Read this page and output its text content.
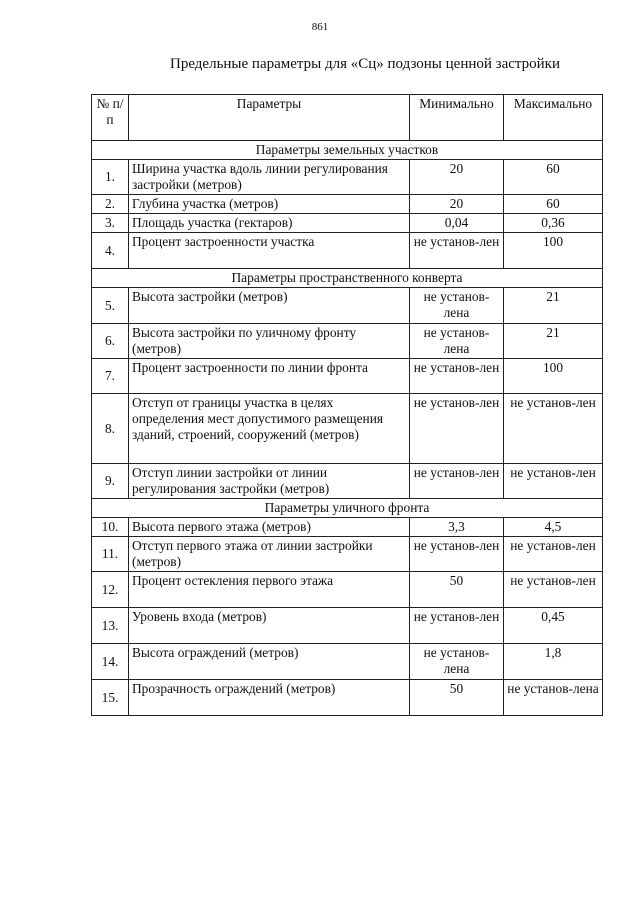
861
Предельные параметры для «Сц» подзоны ценной застройки
№ п/п	Параметры	Минимально	Максимально
Параметры земельных участков			
1.	Ширина участка вдоль линии регулирования застройки (метров)	20	60
2.	Глубина участка (метров)	20	60
3.	Площадь участка (гектаров)	0,04	0,36
4.	Процент застроенности участка	не установ-лен	100
Параметры пространственного конверта			
5.	Высота застройки (метров)	не установ-лена	21
6.	Высота застройки по уличному фронту (метров)	не установ-лена	21
7.	Процент застроенности по линии фронта	не установ-лен	100
8.	Отступ от границы участка в целях определения мест допустимого размещения зданий, строений, сооружений (метров)	не установ-лен	не установ-лен
9.	Отступ линии застройки от линии регулирования застройки (метров)	не установ-лен	не установ-лен
Параметры уличного фронта			
10.	Высота первого этажа (метров)	3,3	4,5
11.	Отступ первого этажа от линии застройки (метров)	не установ-лен	не установ-лен
12.	Процент остекления первого этажа	50	не установ-лен
13.	Уровень входа (метров)	не установ-лен	0,45
14.	Высота ограждений (метров)	не установ-лена	1,8
15.	Прозрачность ограждений (метров)	50	не установ-лена
